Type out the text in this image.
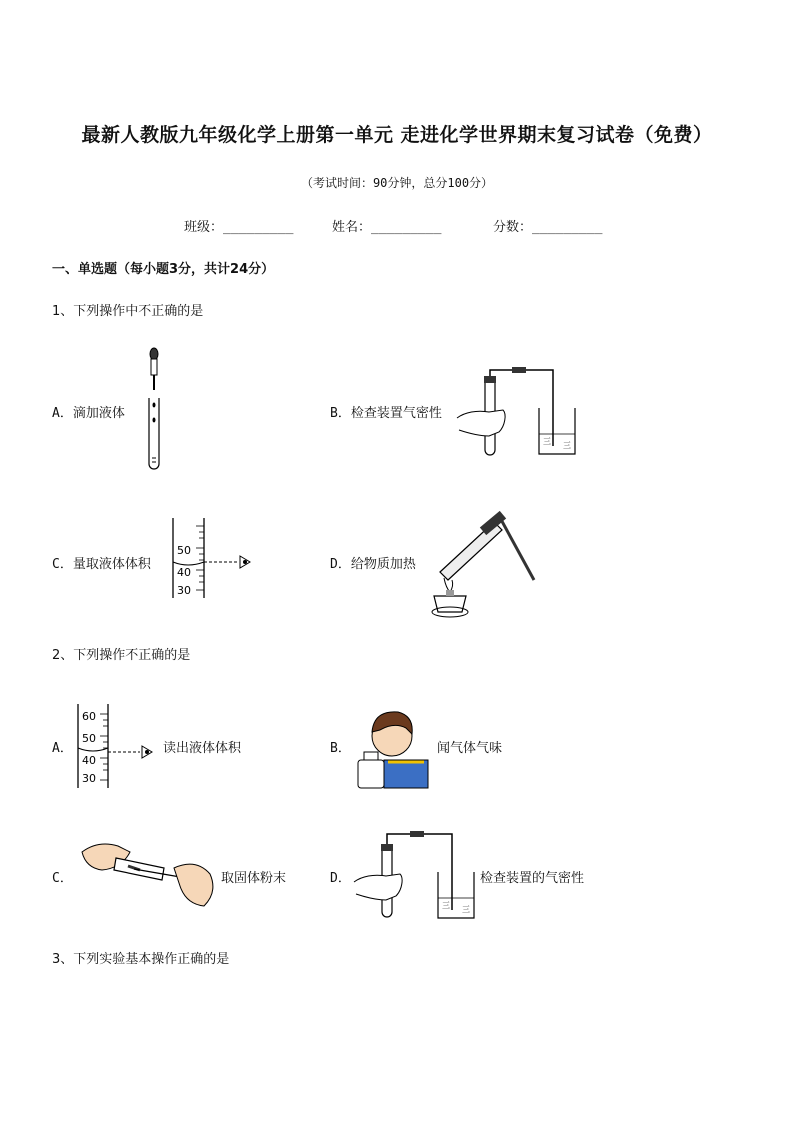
最新人教版九年级化学上册第一单元 走进化学世界期末复习试卷（免费）
（考试时间：90分钟，总分100分）
班级：_________	姓名：_________	分数：_________
一、单选题（每小题3分，共计24分）
1、下列操作中不正确的是
A．滴加液体	B．检查装置气密性
三 三
C．量取液体体积
50
40
30
D．给物质加热
2、下列操作不正确的是
A．
60
50
40
30
读出液体体积	B．	闻气体气味
C．	取固体粉末	D．
三 三
检查装置的气密性
3、下列实验基本操作正确的是
